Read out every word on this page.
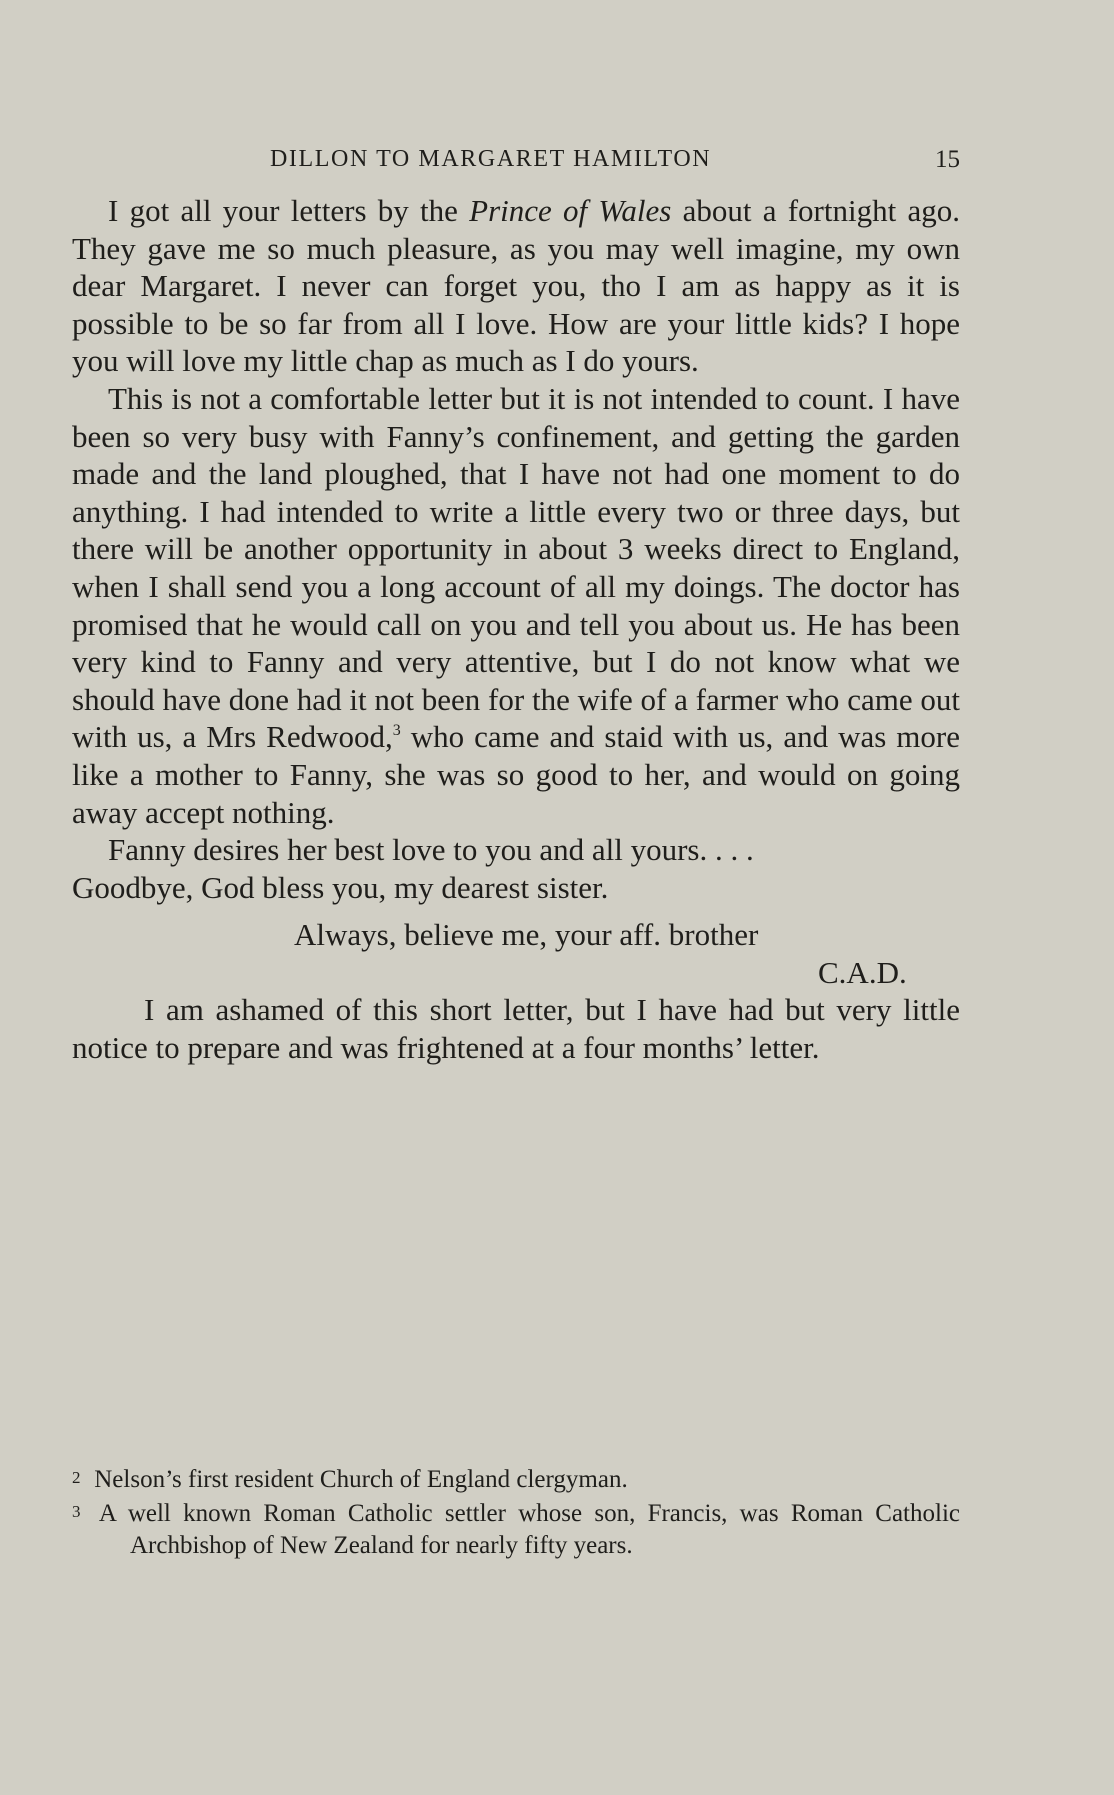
DILLON TO MARGARET HAMILTON	15

I got all your letters by the Prince of Wales about a fortnight ago. They gave me so much pleasure, as you may well imagine, my own dear Margaret. I never can forget you, tho I am as happy as it is possible to be so far from all I love. How are your little kids? I hope you will love my little chap as much as I do yours.

This is not a comfortable letter but it is not intended to count. I have been so very busy with Fanny’s confinement, and getting the garden made and the land ploughed, that I have not had one moment to do anything. I had intended to write a little every two or three days, but there will be another opportunity in about 3 weeks direct to England, when I shall send you a long account of all my doings. The doctor has promised that he would call on you and tell you about us. He has been very kind to Fanny and very attentive, but I do not know what we should have done had it not been for the wife of a farmer who came out with us, a Mrs Redwood,$^3$ who came and staid with us, and was more like a mother to Fanny, she was so good to her, and would on going away accept nothing.

Fanny desires her best love to you and all yours. . . .

Goodbye, God bless you, my dearest sister.

Always, believe me, your aff. brother

C.A.D.

I am ashamed of this short letter, but I have had but very little notice to prepare and was frightened at a four months’ letter.

2 Nelson’s first resident Church of England clergyman.

3 A well known Roman Catholic settler whose son, Francis, was Roman Catholic Archbishop of New Zealand for nearly fifty years.
